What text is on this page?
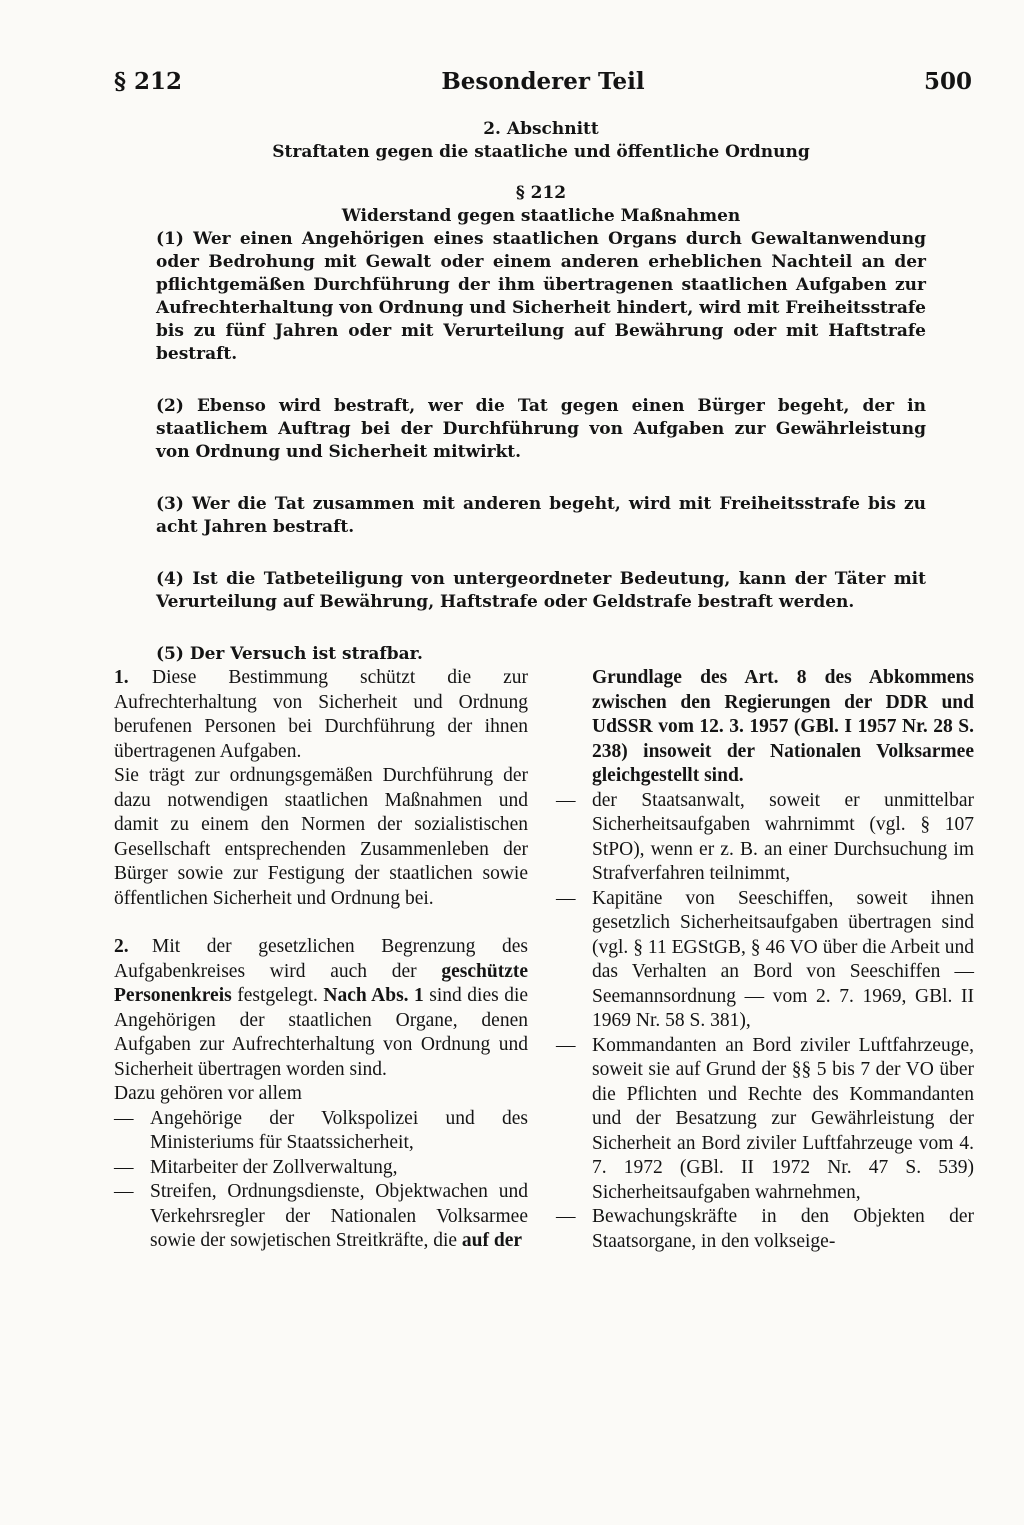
§ 212	Besonderer Teil	500
2. Abschnitt
Straftaten gegen die staatliche und öffentliche Ordnung
§ 212
Widerstand gegen staatliche Maßnahmen

(1) Wer einen Angehörigen eines staatlichen Organs durch Gewaltanwendung oder Bedrohung mit Gewalt oder einem anderen erheblichen Nachteil an der pflichtgemäßen Durchführung der ihm übertragenen staatlichen Aufgaben zur Aufrechterhaltung von Ordnung und Sicherheit hindert, wird mit Freiheitsstrafe bis zu fünf Jahren oder mit Verurteilung auf Bewährung oder mit Haftstrafe bestraft.

(2) Ebenso wird bestraft, wer die Tat gegen einen Bürger begeht, der in staatlichem Auftrag bei der Durchführung von Aufgaben zur Gewährleistung von Ordnung und Sicherheit mitwirkt.

(3) Wer die Tat zusammen mit anderen begeht, wird mit Freiheitsstrafe bis zu acht Jahren bestraft.

(4) Ist die Tatbeteiligung von untergeordneter Bedeutung, kann der Täter mit Verurteilung auf Bewährung, Haftstrafe oder Geldstrafe bestraft werden.

(5) Der Versuch ist strafbar.

1. Diese Bestimmung schützt die zur Aufrechterhaltung von Sicherheit und Ordnung berufenen Personen bei Durchführung der ihnen übertragenen Aufgaben.

Sie trägt zur ordnungsgemäßen Durchführung der dazu notwendigen staatlichen Maßnahmen und damit zu einem den Normen der sozialistischen Gesellschaft entsprechenden Zusammenleben der Bürger sowie zur Festigung der staatlichen sowie öffentlichen Sicherheit und Ordnung bei.

2. Mit der gesetzlichen Begrenzung des Aufgabenkreises wird auch der geschützte Personenkreis festgelegt. Nach Abs. 1 sind dies die Angehörigen der staatlichen Organe, denen Aufgaben zur Aufrechterhaltung von Ordnung und Sicherheit übertragen worden sind.

Dazu gehören vor allem

— Angehörige der Volkspolizei und des Ministeriums für Staatssicherheit,
— Mitarbeiter der Zollverwaltung,
— Streifen, Ordnungsdienste, Objektwachen und Verkehrsregler der Nationalen Volksarmee sowie der sowjetischen Streitkräfte, die auf der

Grundlage des Art. 8 des Abkommens zwischen den Regierungen der DDR und UdSSR vom 12. 3. 1957 (GBl. I 1957 Nr. 28 S. 238) insoweit der Nationalen Volksarmee gleichgestellt sind.

— der Staatsanwalt, soweit er unmittelbar Sicherheitsaufgaben wahrnimmt (vgl. § 107 StPO), wenn er z. B. an einer Durchsuchung im Strafverfahren teilnimmt,
— Kapitäne von Seeschiffen, soweit ihnen gesetzlich Sicherheitsaufgaben übertragen sind (vgl. § 11 EGStGB, § 46 VO über die Arbeit und das Verhalten an Bord von Seeschiffen — Seemannsordnung — vom 2. 7. 1969, GBl. II 1969 Nr. 58 S. 381),
— Kommandanten an Bord ziviler Luftfahrzeuge, soweit sie auf Grund der §§ 5 bis 7 der VO über die Pflichten und Rechte des Kommandanten und der Besatzung zur Gewährleistung der Sicherheit an Bord ziviler Luftfahrzeuge vom 4. 7. 1972 (GBl. II 1972 Nr. 47 S. 539) Sicherheitsaufgaben wahrnehmen,
— Bewachungskräfte in den Objekten der Staatsorgane, in den volkseige-
